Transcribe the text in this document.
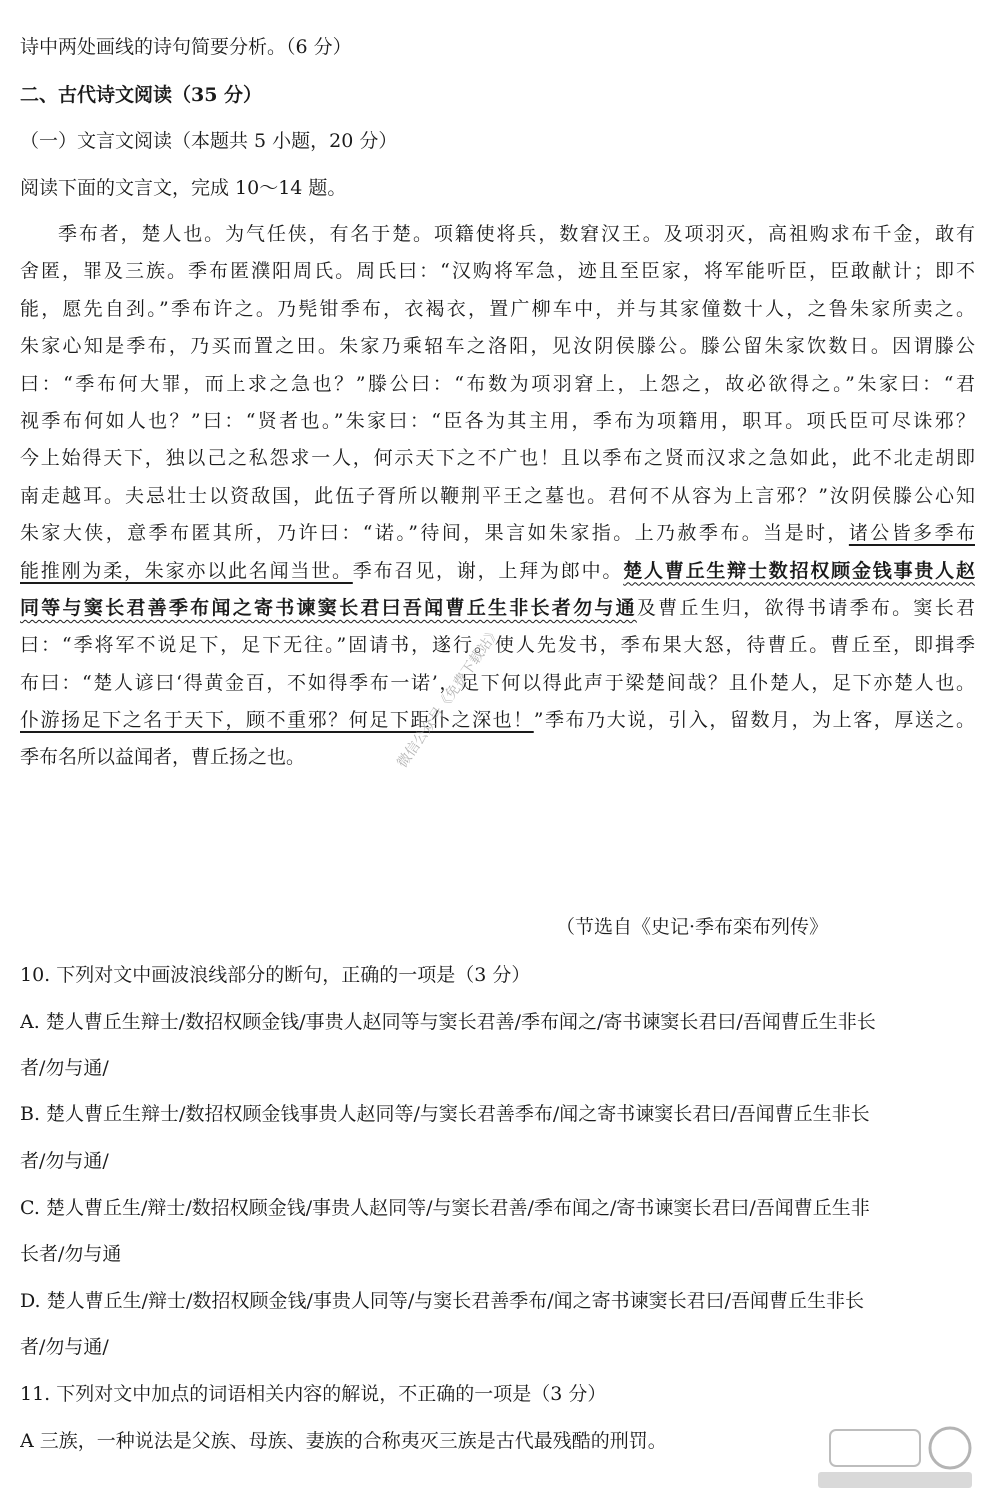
诗中两处画线的诗句简要分析。（6 分）
二、古代诗文阅读（35 分）
（一）文言文阅读（本题共 5 小题，20 分）
阅读下面的文言文，完成 10～14 题。
季布者，楚人也。为气任侠，有名于楚。项籍使将兵，数窘汉王。及项羽灭，高祖购求布千金，敢有
舍匿，罪及三族。季布匿濮阳周氏。周氏曰：“汉购将军急，迹且至臣家，将军能听臣，臣敢献计；即不
能，愿先自刭。”季布许之。乃髡钳季布，衣褐衣，置广柳车中，并与其家僮数十人，之鲁朱家所卖之。
朱家心知是季布，乃买而置之田。朱家乃乘轺车之洛阳，见汝阴侯滕公。滕公留朱家饮数日。因谓滕公
曰：“季布何大罪，而上求之急也？”滕公曰：“布数为项羽窘上，上怨之，故必欲得之。”朱家曰：“君
视季布何如人也？”曰：“贤者也。”朱家曰：“臣各为其主用，季布为项籍用，职耳。项氏臣可尽诛邪？
今上始得天下，独以己之私怨求一人，何示天下之不广也！且以季布之贤而汉求之急如此，此不北走胡即
南走越耳。夫忌壮士以资敌国，此伍子胥所以鞭荆平王之墓也。君何不从容为上言邪？”汝阴侯滕公心知
朱家大侠，意季布匿其所，乃许曰：“诺。”待间，果言如朱家指。上乃赦季布。当是时，诸公皆多季布
能推刚为柔，朱家亦以此名闻当世。季布召见，谢，上拜为郎中。楚人曹丘生辩士数招权顾金钱事贵人赵
同等与窦长君善季布闻之寄书谏窦长君曰吾闻曹丘生非长者勿与通及曹丘生归，欲得书请季布。窦长君
曰：“季将军不说足下，足下无往。”固请书，遂行。使人先发书，季布果大怒，待曹丘。曹丘至，即揖季
布曰：“楚人谚曰‘得黄金百，不如得季布一诺’，足下何以得此声于梁楚间哉？且仆楚人，足下亦楚人也。
仆游扬足下之名于天下，顾不重邪？何足下距仆之深也！”季布乃大说，引入，留数月，为上客，厚送之。
季布名所以益闻者，曹丘扬之也。
（节选自《史记·季布栾布列传》
10. 下列对文中画波浪线部分的断句，正确的一项是（3 分）
A. 楚人曹丘生辩士/数招权顾金钱/事贵人赵同等与窦长君善/季布闻之/寄书谏窦长君曰/吾闻曹丘生非长
者/勿与通/
B. 楚人曹丘生辩士/数招权顾金钱事贵人赵同等/与窦长君善季布/闻之寄书谏窦长君曰/吾闻曹丘生非长
者/勿与通/
C. 楚人曹丘生/辩士/数招权顾金钱/事贵人赵同等/与窦长君善/季布闻之/寄书谏窦长君曰/吾闻曹丘生非
长者/勿与通
D. 楚人曹丘生/辩士/数招权顾金钱/事贵人同等/与窦长君善季布/闻之寄书谏窦长君曰/吾闻曹丘生非长
者/勿与通/
11. 下列对文中加点的词语相关内容的解说，不正确的一项是（3 分）
A 三族，一种说法是父族、母族、妻族的合称夷灭三族是古代最残酷的刑罚。
微信公众号《免费下载站》
